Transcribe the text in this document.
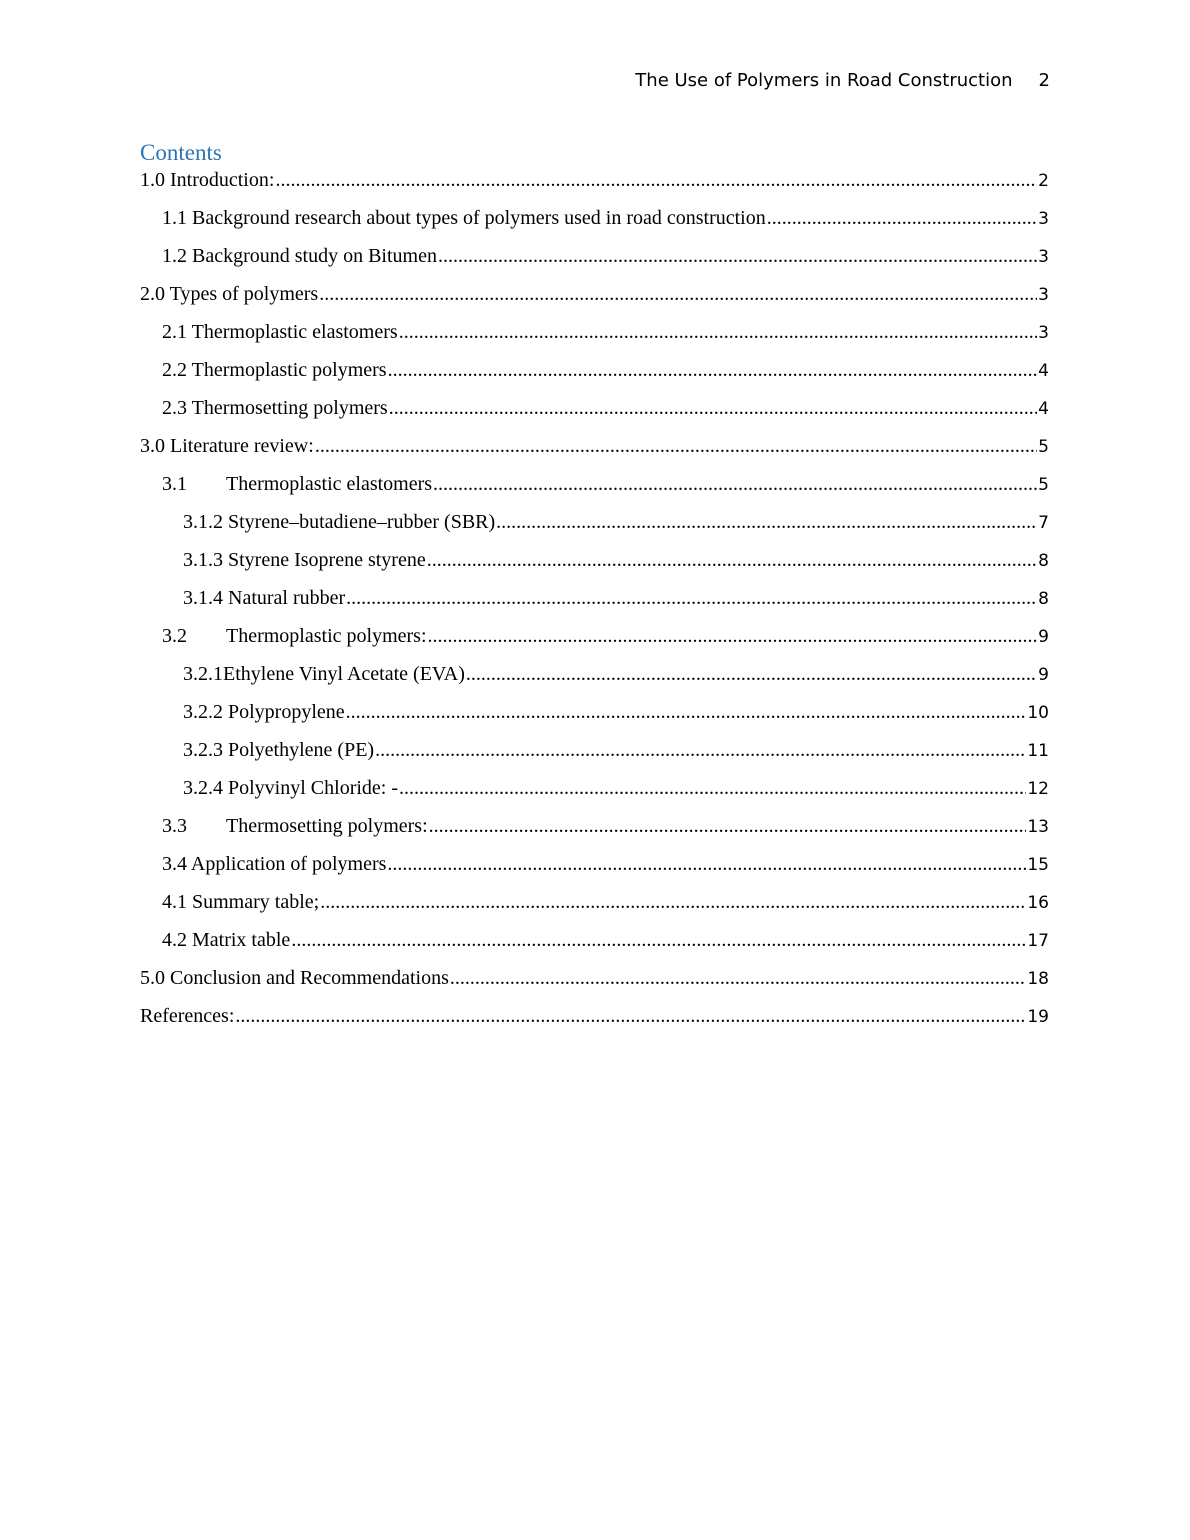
The Use of Polymers in Road Construction 2
Contents
1.0 Introduction: .....	2
1.1 Background research about types of polymers used in road construction .....	3
1.2 Background study on Bitumen .....	3
2.0 Types of polymers .....	3
2.1 Thermoplastic elastomers .....	3
2.2 Thermoplastic polymers .....	4
2.3 Thermosetting polymers .....	4
3.0 Literature review: .....	5
3.1	Thermoplastic elastomers .....	5
3.1.2 Styrene–butadiene–rubber (SBR) .....	7
3.1.3 Styrene Isoprene styrene .....	8
3.1.4 Natural rubber .....	8
3.2	Thermoplastic polymers: .....	9
3.2.1Ethylene Vinyl Acetate (EVA) .....	9
3.2.2 Polypropylene .....	10
3.2.3 Polyethylene (PE) .....	11
3.2.4 Polyvinyl Chloride: - .....	12
3.3	Thermosetting polymers: .....	13
3.4 Application of polymers .....	15
4.1 Summary table; .....	16
4.2 Matrix table .....	17
5.0 Conclusion and Recommendations .....	18
References: .....	19
